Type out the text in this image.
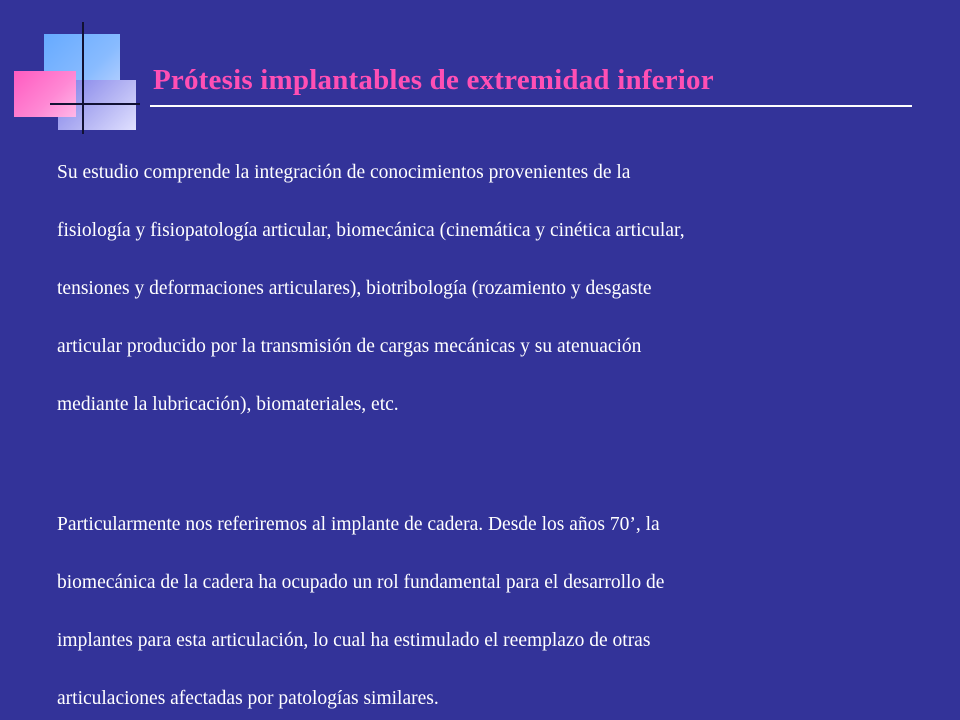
Prótesis implantables de extremidad inferior
Su estudio comprende la integración de conocimientos provenientes de la
fisiología y fisiopatología articular, biomecánica (cinemática y cinética articular,
tensiones y deformaciones articulares), biotribología (rozamiento y desgaste
articular producido por la transmisión de cargas mecánicas y su atenuación
mediante la lubricación), biomateriales, etc.
Particularmente nos referiremos al implante de cadera. Desde los años 70’, la
biomecánica de la cadera ha ocupado un rol fundamental para el desarrollo de
implantes para esta articulación, lo cual ha estimulado el reemplazo de otras
articulaciones afectadas por patologías similares.
